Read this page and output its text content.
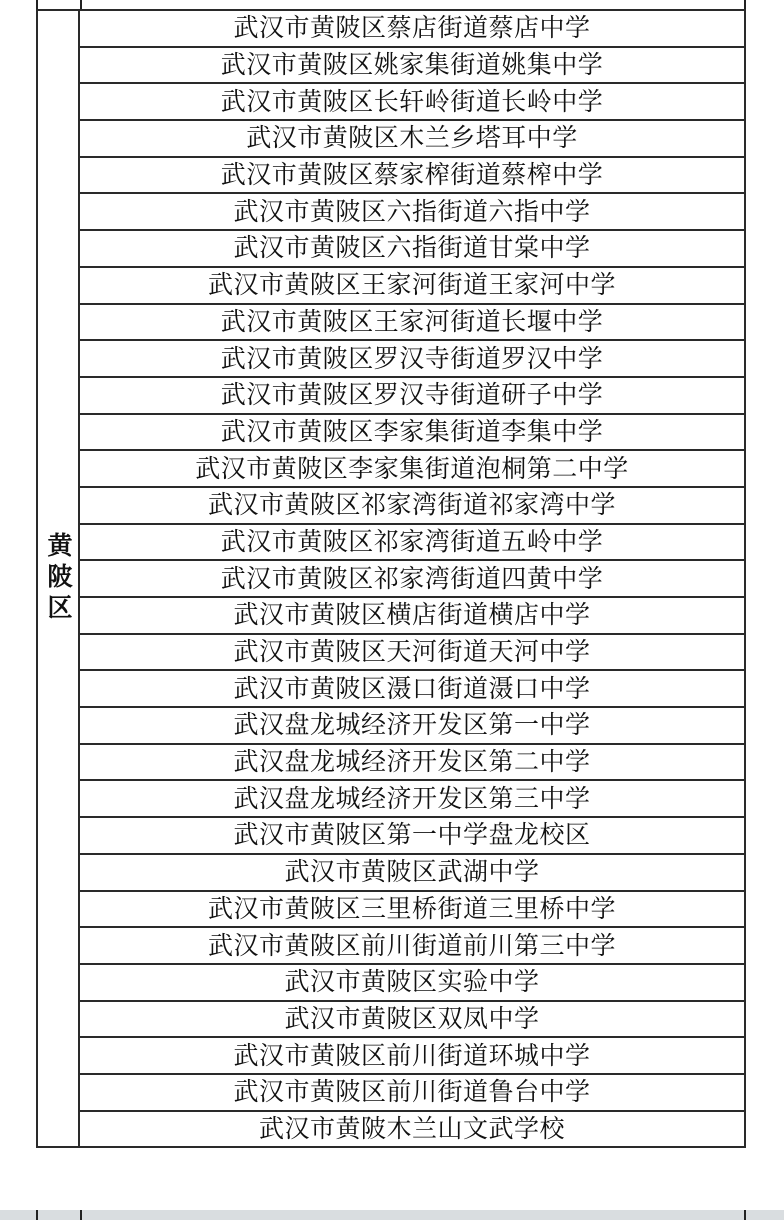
黄陂区
	武汉市黄陂区蔡店街道蔡店中学
武汉市黄陂区姚家集街道姚集中学
武汉市黄陂区长轩岭街道长岭中学
武汉市黄陂区木兰乡塔耳中学
武汉市黄陂区蔡家榨街道蔡榨中学
武汉市黄陂区六指街道六指中学
武汉市黄陂区六指街道甘棠中学
武汉市黄陂区王家河街道王家河中学
武汉市黄陂区王家河街道长堰中学
武汉市黄陂区罗汉寺街道罗汉中学
武汉市黄陂区罗汉寺街道研子中学
武汉市黄陂区李家集街道李集中学
武汉市黄陂区李家集街道泡桐第二中学
武汉市黄陂区祁家湾街道祁家湾中学
武汉市黄陂区祁家湾街道五岭中学
武汉市黄陂区祁家湾街道四黄中学
武汉市黄陂区横店街道横店中学
武汉市黄陂区天河街道天河中学
武汉市黄陂区滠口街道滠口中学
武汉盘龙城经济开发区第一中学
武汉盘龙城经济开发区第二中学
武汉盘龙城经济开发区第三中学
武汉市黄陂区第一中学盘龙校区
武汉市黄陂区武湖中学
武汉市黄陂区三里桥街道三里桥中学
武汉市黄陂区前川街道前川第三中学
武汉市黄陂区实验中学
武汉市黄陂区双凤中学
武汉市黄陂区前川街道环城中学
武汉市黄陂区前川街道鲁台中学
武汉市黄陂木兰山文武学校
